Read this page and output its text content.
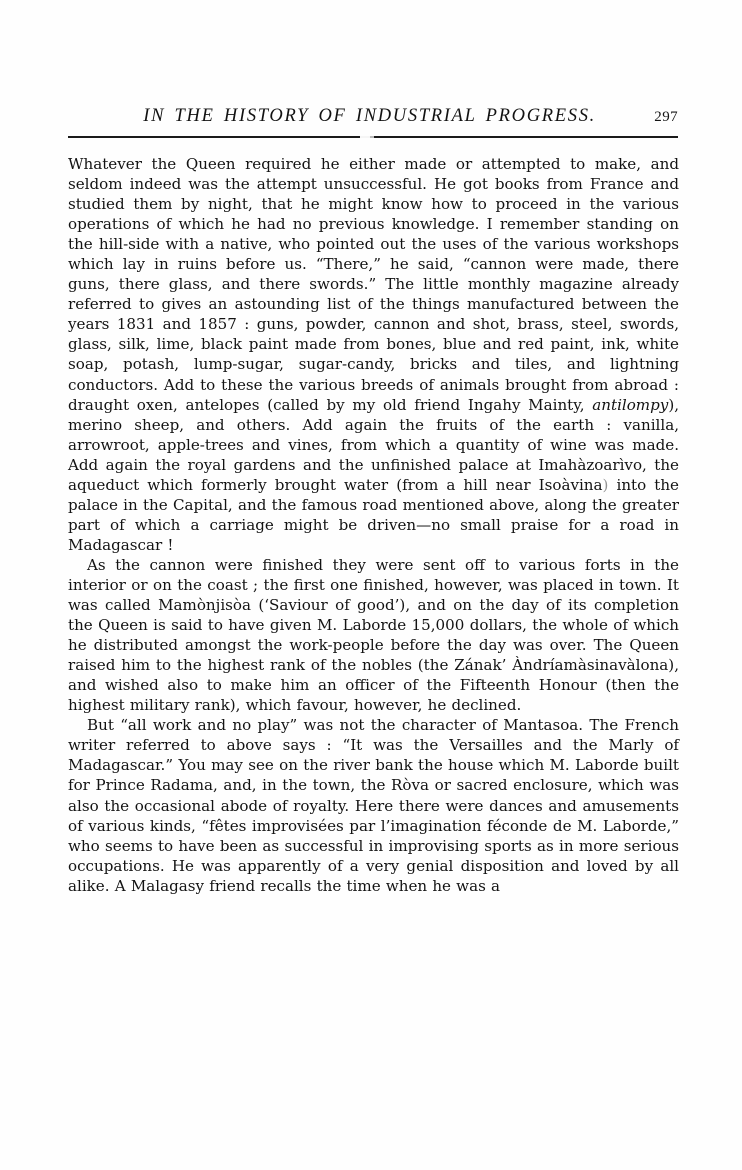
IN THE HISTORY OF INDUSTRIAL PROGRESS.	297

Whatever the Queen required he either made or attempted to make, and seldom indeed was the attempt unsuccessful. He got books from France and studied them by night, that he might know how to proceed in the various operations of which he had no previous knowledge. I remember standing on the hill-side with a native, who pointed out the uses of the various workshops which lay in ruins before us. “There,” he said, “cannon were made, there guns, there glass, and there swords.” The little monthly magazine already referred to gives an astounding list of the things manufactured between the years 1831 and 1857 : guns, powder, cannon and shot, brass, steel, swords, glass, silk, lime, black paint made from bones, blue and red paint, ink, white soap, potash, lump-sugar, sugar-candy, bricks and tiles, and lightning conductors. Add to these the various breeds of animals brought from abroad : draught oxen, antelopes (called by my old friend Ingahy Mainty, antilompy), merino sheep, and others. Add again the fruits of the earth : vanilla, arrowroot, apple-trees and vines, from which a quantity of wine was made. Add again the royal gardens and the unfinished palace at Imahàzoarìvo, the aqueduct which formerly brought water (from a hill near Isoàvina) into the palace in the Capital, and the famous road mentioned above, along the greater part of which a carriage might be driven—no small praise for a road in Madagascar !

As the cannon were finished they were sent off to various forts in the interior or on the coast ; the first one finished, however, was placed in town. It was called Mamònjisòa (‘Saviour of good’), and on the day of its completion the Queen is said to have given M. Laborde 15,000 dollars, the whole of which he distributed amongst the work-people before the day was over. The Queen raised him to the highest rank of the nobles (the Zának’ Àndríamàsinavàlona), and wished also to make him an officer of the Fifteenth Honour (then the highest military rank), which favour, however, he declined.

But “all work and no play” was not the character of Mantasoa. The French writer referred to above says : “It was the Versailles and the Marly of Madagascar.” You may see on the river bank the house which M. Laborde built for Prince Radama, and, in the town, the Ròva or sacred enclosure, which was also the occasional abode of royalty. Here there were dances and amusements of various kinds, “fêtes improvisées par l’imagination féconde de M. Laborde,” who seems to have been as successful in improvising sports as in more serious occupations. He was apparently of a very genial disposition and loved by all alike. A Malagasy friend recalls the time when he was a
